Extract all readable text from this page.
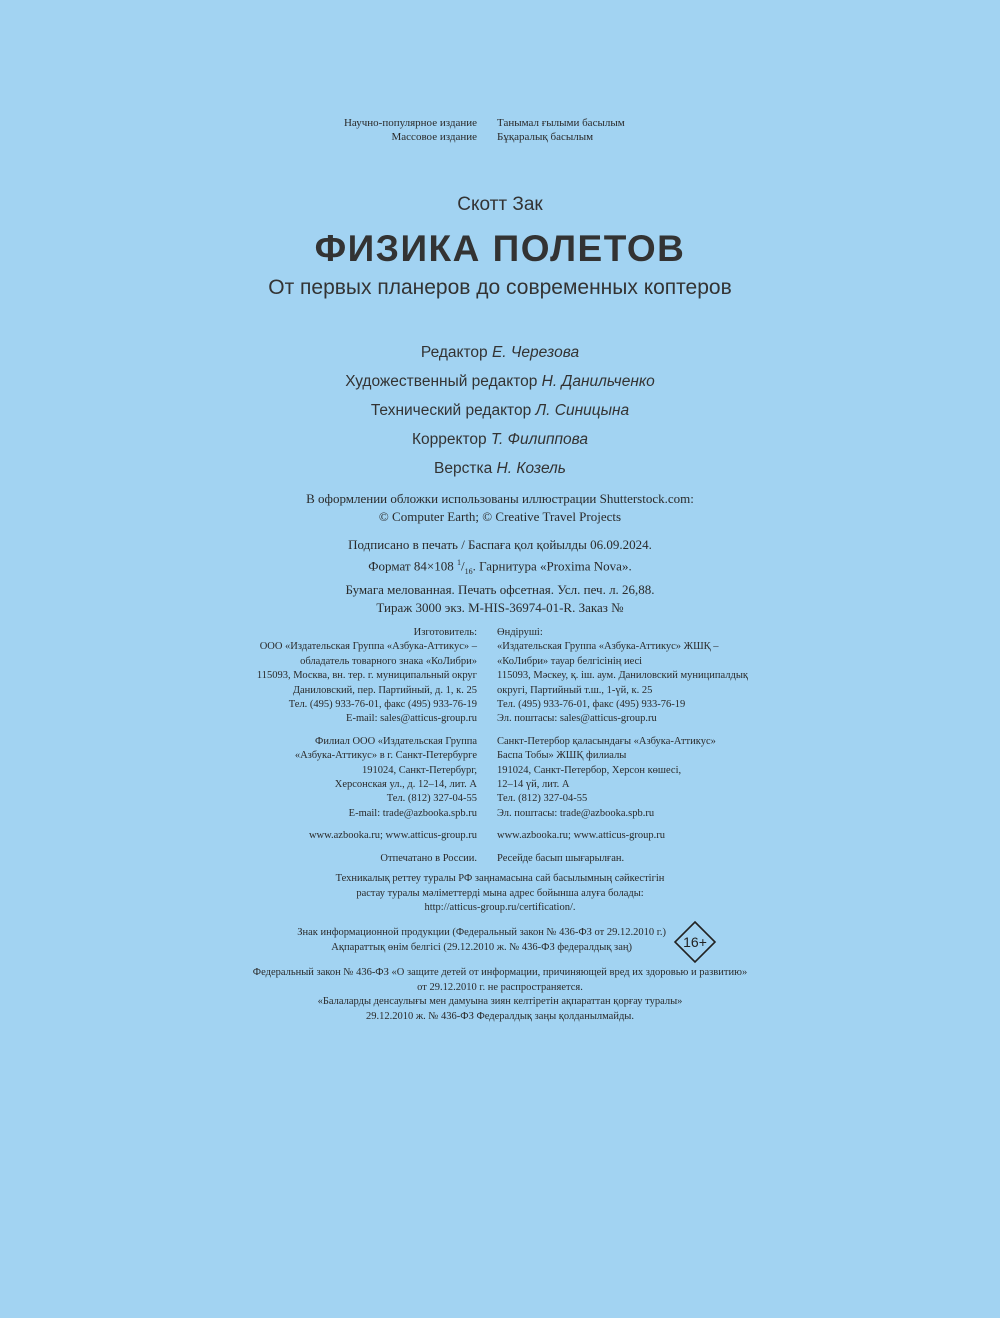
Научно-популярное издание
Массовое издание
Танымал ғылыми басылым
Бұқаралық басылым
Скотт Зак
ФИЗИКА ПОЛЕТОВ
От первых планеров до современных коптеров
Редактор Е. Черезова
Художественный редактор Н. Данильченко
Технический редактор Л. Синицына
Корректор Т. Филиппова
Верстка Н. Козель
В оформлении обложки использованы иллюстрации Shutterstock.com:
© Computer Earth; © Creative Travel Projects
Подписано в печать / Баспаға қол қойылды 06.09.2024.
Формат 84×108 $^1/_{16}$. Гарнитура «Proxima Nova».
Бумага мелованная. Печать офсетная. Усл. печ. л. 26,88.
Тираж 3000 экз. M-HIS-36974-01-R. Заказ №
Изготовитель:
ООО «Издательская Группа «Азбука-Аттикус» –
обладатель товарного знака «КоЛибри»
115093, Москва, вн. тер. г. муниципальный округ
Даниловский, пер. Партийный, д. 1, к. 25
Тел. (495) 933-76-01, факс (495) 933-76-19
E-mail: sales@atticus-group.ru
Филиал ООО «Издательская Группа
«Азбука-Аттикус» в г. Санкт-Петербурге
191024, Санкт-Петербург,
Херсонская ул., д. 12–14, лит. А
Тел. (812) 327-04-55
E-mail: trade@azbooka.spb.ru
www.azbooka.ru; www.atticus-group.ru
Отпечатано в России.
Өндіруші:
«Издательская Группа «Азбука-Аттикус» ЖШҚ –
«КоЛибри» тауар белгісінің иесі
115093, Мәскеу, қ. іш. аум. Даниловский муниципалдық
округі, Партийный т.ш., 1-үй, к. 25
Тел. (495) 933-76-01, факс (495) 933-76-19
Эл. поштасы: sales@atticus-group.ru
Санкт-Петербор қаласындағы «Азбука-Аттикус»
Баспа Тобы» ЖШҚ филиалы
191024, Санкт-Петербор, Херсон көшесі,
12–14 үй, лит. А
Тел. (812) 327-04-55
Эл. поштасы: trade@azbooka.spb.ru
www.azbooka.ru; www.atticus-group.ru
Ресейде басып шығарылған.
Техникалық реттеу туралы РФ заңнамасына сай басылымның сәйкестігін
растау туралы мәліметтерді мына адрес бойынша алуға болады:
http://atticus-group.ru/certification/.
Знак информационной продукции (Федеральный закон № 436-ФЗ от 29.12.2010 г.)
Ақпараттық өнім белгісі (29.12.2010 ж. № 436-ФЗ федералдық заң)	16+
Федеральный закон № 436-ФЗ «О защите детей от информации, причиняющей вред их здоровью и развитию»
от 29.12.2010 г. не распространяется.
«Балаларды денсаулығы мен дамуына зиян келтіретін ақпараттан қорғау туралы»
29.12.2010 ж. № 436-ФЗ Федералдық заңы қолданылмайды.
